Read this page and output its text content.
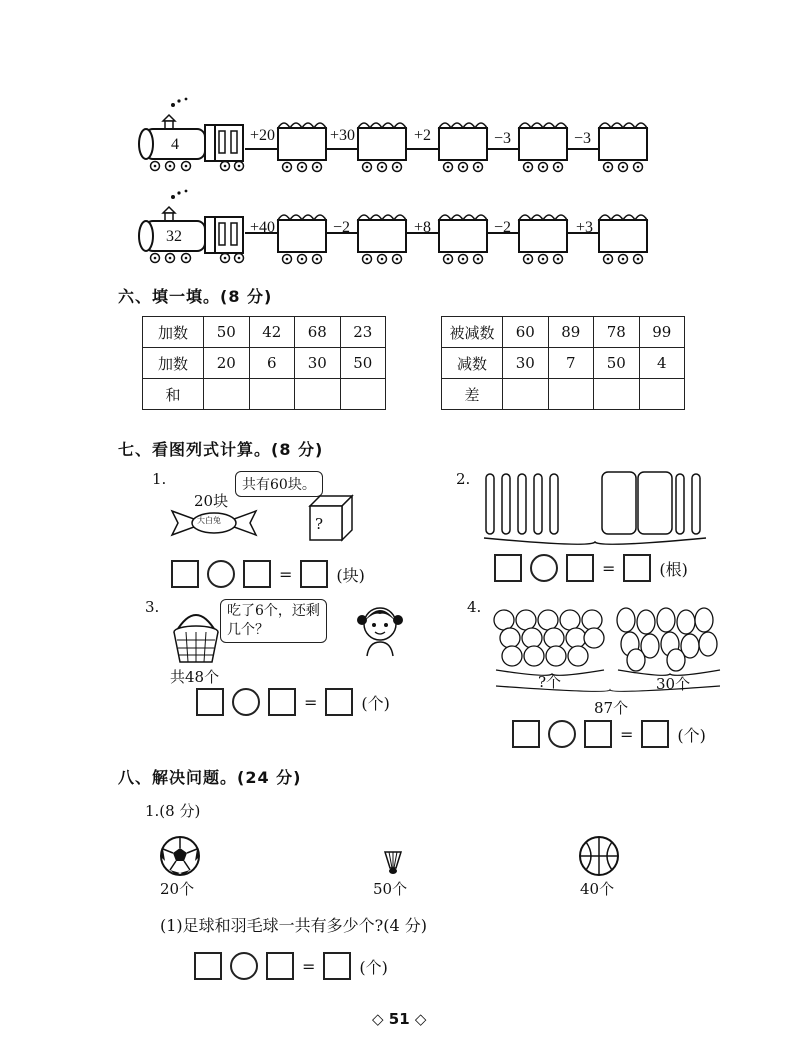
4
+20	+30	+2	−3	−3
32
+40	−2	+8	−2	+3
六、填一填。(8 分)
加数	50	42	68	23
加数	20	6	30	50
和				
被减数	60	89	78	99
减数	30	7	50	4
差				
七、看图列式计算。(8 分)
1.	共有60块。
20块
大白兔	?
=	(块)
2.
=	(根)
3.	吃了6个，还剩
几个？
共48个
=	(个)
4.
?个	30个
87个
=	(个)
八、解决问题。(24 分)
1.(8 分)
20个	50个	40个
(1)足球和羽毛球一共有多少个?(4 分)
=	(个)
◇ 51 ◇
